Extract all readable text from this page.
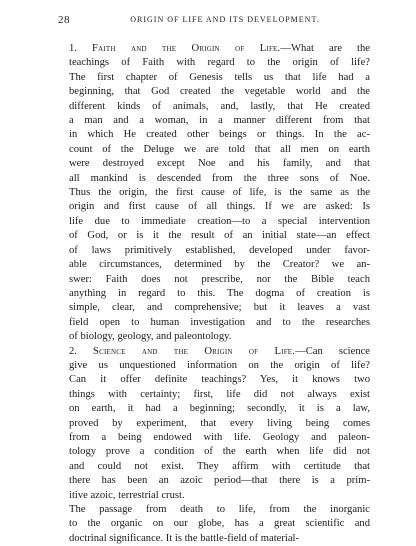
28	ORIGIN OF LIFE AND ITS DEVELOPMENT.

1. Faith and the Origin of Life.—What are the
teachings of Faith with regard to the origin of life?
The first chapter of Genesis tells us that life had a
beginning, that God created the vegetable world and the
different kinds of animals, and, lastly, that He created
a man and a woman, in a manner different from that
in which He created other beings or things. In the ac-
count of the Deluge we are told that all men on earth
were destroyed except Noe and his family, and that
all mankind is descended from the three sons of Noe.
Thus the origin, the first cause of life, is the same as the
origin and first cause of all things. If we are asked: Is
life due to immediate creation—to a special intervention
of God, or is it the result of an initial state—an effect
of laws primitively established, developed under favor-
able circumstances, determined by the Creator? we an-
swer: Faith does not prescribe, nor the Bible teach
anything in regard to this. The dogma of creation is
simple, clear, and comprehensive; but it leaves a vast
field open to human investigation and to the researches
of biology, geology, and paleontology.

2. Science and the Origin of Life.—Can science
give us unquestioned information on the origin of life?
Can it offer definite teachings? Yes, it knows two
things with certainty; first, life did not always exist
on earth, it had a beginning; secondly, it is a law,
proved by experiment, that every living being comes
from a being endowed with life. Geology and paleon-
tology prove a condition of the earth when life did not
and could not exist. They affirm with certitude that
there has been an azoic period—that there is a prim-
itive azoic, terrestrial crust.

The passage from death to life, from the inorganic
to the organic on our globe, has a great scientific and
doctrinal significance. It is the battle-field of material-
